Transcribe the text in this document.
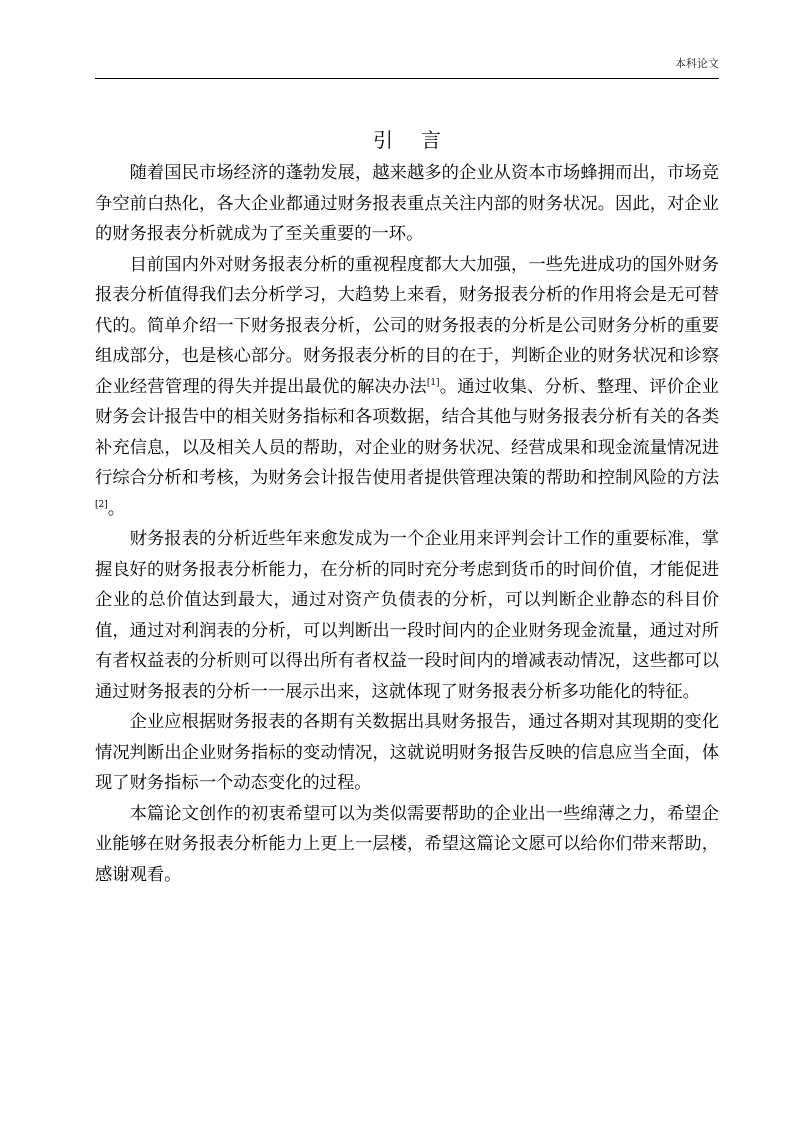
本科论文
引言

随着国民市场经济的蓬勃发展，越来越多的企业从资本市场蜂拥而出，市场竞争空前白热化，各大企业都通过财务报表重点关注内部的财务状况。因此，对企业的财务报表分析就成为了至关重要的一环。

目前国内外对财务报表分析的重视程度都大大加强，一些先进成功的国外财务报表分析值得我们去分析学习，大趋势上来看，财务报表分析的作用将会是无可替代的。简单介绍一下财务报表分析，公司的财务报表的分析是公司财务分析的重要组成部分，也是核心部分。财务报表分析的目的在于，判断企业的财务状况和诊察企业经营管理的得失并提出最优的解决办法[1]。通过收集、分析、整理、评价企业财务会计报告中的相关财务指标和各项数据，结合其他与财务报表分析有关的各类补充信息，以及相关人员的帮助，对企业的财务状况、经营成果和现金流量情况进行综合分析和考核，为财务会计报告使用者提供管理决策的帮助和控制风险的方法[2]。

财务报表的分析近些年来愈发成为一个企业用来评判会计工作的重要标准，掌握良好的财务报表分析能力，在分析的同时充分考虑到货币的时间价值，才能促进企业的总价值达到最大，通过对资产负债表的分析，可以判断企业静态的科目价值，通过对利润表的分析，可以判断出一段时间内的企业财务现金流量，通过对所有者权益表的分析则可以得出所有者权益一段时间内的增减表动情况，这些都可以通过财务报表的分析一一展示出来，这就体现了财务报表分析多功能化的特征。

企业应根据财务报表的各期有关数据出具财务报告，通过各期对其现期的变化情况判断出企业财务指标的变动情况，这就说明财务报告反映的信息应当全面，体现了财务指标一个动态变化的过程。

本篇论文创作的初衷希望可以为类似需要帮助的企业出一些绵薄之力，希望企业能够在财务报表分析能力上更上一层楼，希望这篇论文愿可以给你们带来帮助，感谢观看。
